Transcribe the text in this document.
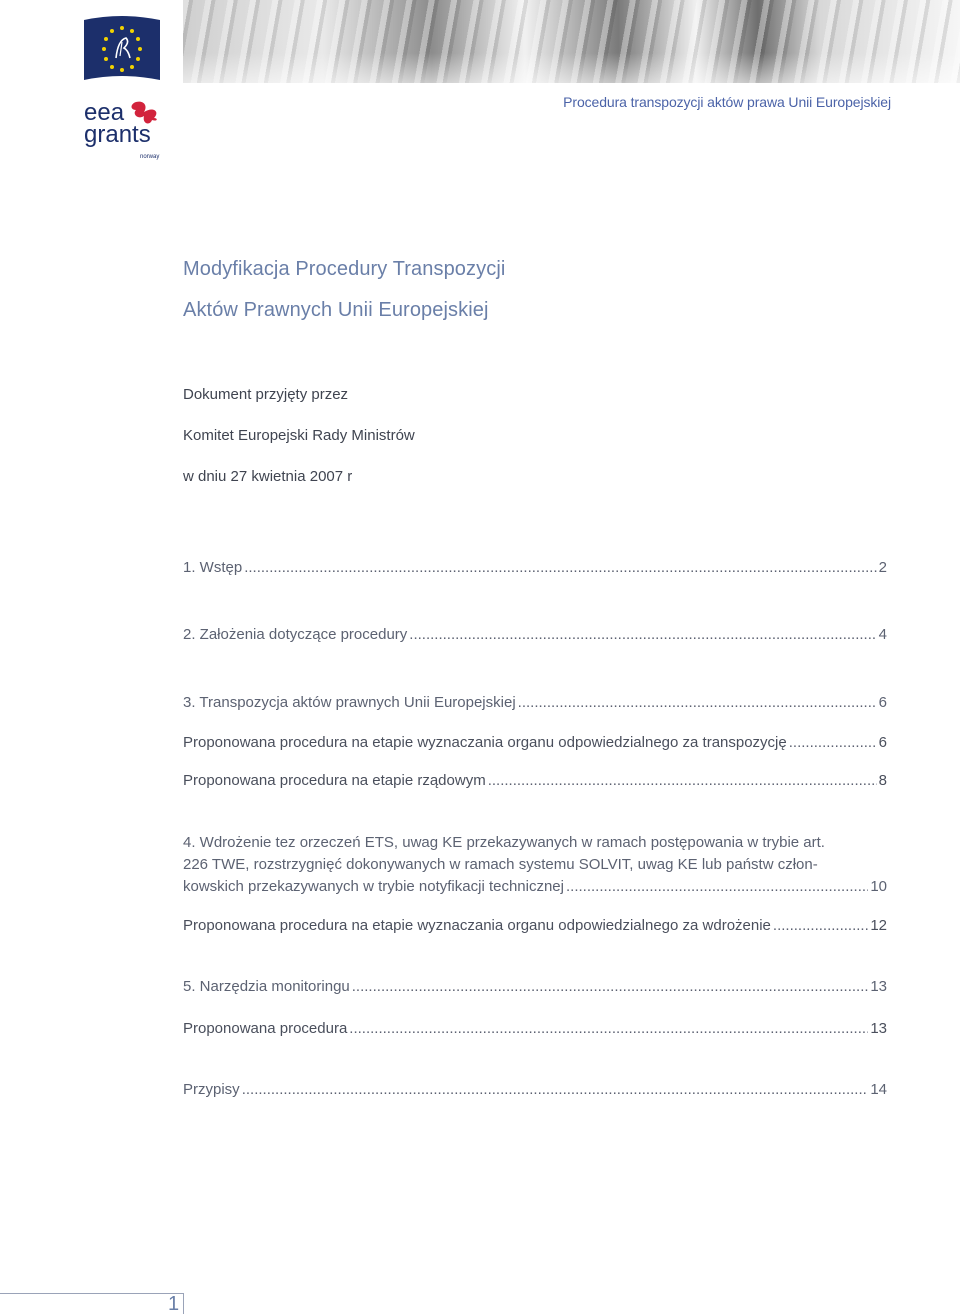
eea
grants
norway
Procedura transpozycji aktów prawa Unii Europejskiej
Modyfikacja Procedury Transpozycji
Aktów Prawnych Unii Europejskiej
Dokument przyjęty przez
Komitet Europejski Rady Ministrów
w dniu 27 kwietnia 2007 r
1. Wstęp .....	2
2. Założenia dotyczące procedury .....	4
3. Transpozycja aktów prawnych Unii Europejskiej .....	6
Proponowana procedura na etapie wyznaczania organu odpowiedzialnego za transpozycję .....	6
Proponowana procedura na etapie rządowym .....	8
4. Wdrożenie tez orzeczeń ETS, uwag KE przekazywanych w ramach postępowania w trybie art.
226 TWE, rozstrzygnięć dokonywanych w ramach systemu SOLVIT, uwag KE lub państw człon-
kowskich przekazywanych w trybie notyfikacji technicznej .....	10
Proponowana procedura na etapie wyznaczania organu odpowiedzialnego za wdrożenie .....	12
5. Narzędzia monitoringu .....	13
Proponowana procedura .....	13
Przypisy .....	14
1
